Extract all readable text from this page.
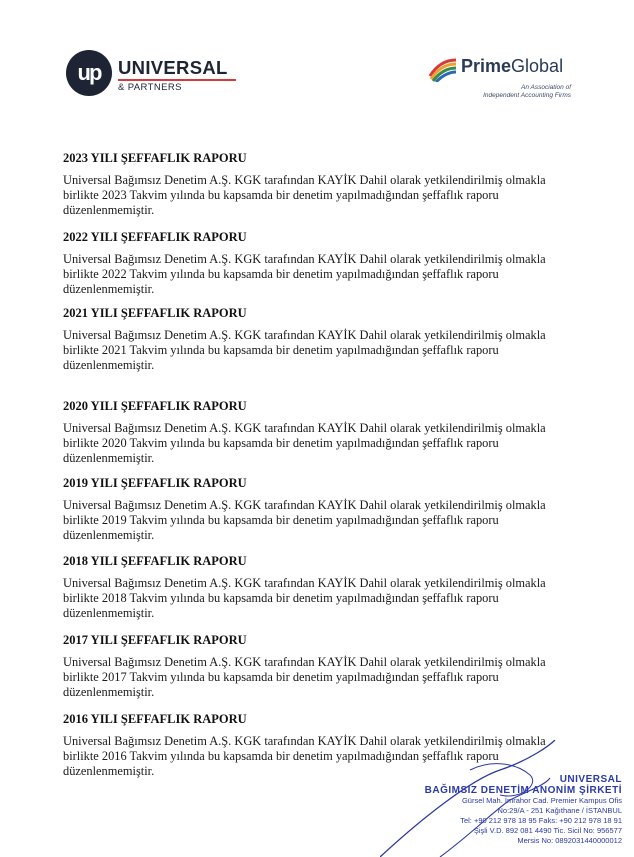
up UNIVERSAL
& PARTNERS
PrimeGlobal
An Association of
Independent Accounting Firms
2023 YILI ŞEFFAFLIK RAPORU

Universal Bağımsız Denetim A.Ş. KGK tarafından KAYİK Dahil olarak yetkilendirilmiş olmakla birlikte 2023 Takvim yılında bu kapsamda bir denetim yapılmadığından şeffaflık raporu düzenlenmemiştir.

2022 YILI ŞEFFAFLIK RAPORU

Universal Bağımsız Denetim A.Ş. KGK tarafından KAYİK Dahil olarak yetkilendirilmiş olmakla birlikte 2022 Takvim yılında bu kapsamda bir denetim yapılmadığından şeffaflık raporu düzenlenmemiştir.

2021 YILI ŞEFFAFLIK RAPORU

Universal Bağımsız Denetim A.Ş. KGK tarafından KAYİK Dahil olarak yetkilendirilmiş olmakla birlikte 2021 Takvim yılında bu kapsamda bir denetim yapılmadığından şeffaflık raporu düzenlenmemiştir.

2020 YILI ŞEFFAFLIK RAPORU

Universal Bağımsız Denetim A.Ş. KGK tarafından KAYİK Dahil olarak yetkilendirilmiş olmakla birlikte 2020 Takvim yılında bu kapsamda bir denetim yapılmadığından şeffaflık raporu düzenlenmemiştir.

2019 YILI ŞEFFAFLIK RAPORU

Universal Bağımsız Denetim A.Ş. KGK tarafından KAYİK Dahil olarak yetkilendirilmiş olmakla birlikte 2019 Takvim yılında bu kapsamda bir denetim yapılmadığından şeffaflık raporu düzenlenmemiştir.

2018 YILI ŞEFFAFLIK RAPORU

Universal Bağımsız Denetim A.Ş. KGK tarafından KAYİK Dahil olarak yetkilendirilmiş olmakla birlikte 2018 Takvim yılında bu kapsamda bir denetim yapılmadığından şeffaflık raporu düzenlenmemiştir.

2017 YILI ŞEFFAFLIK RAPORU

Universal Bağımsız Denetim A.Ş. KGK tarafından KAYİK Dahil olarak yetkilendirilmiş olmakla birlikte 2017 Takvim yılında bu kapsamda bir denetim yapılmadığından şeffaflık raporu düzenlenmemiştir.

2016 YILI ŞEFFAFLIK RAPORU

Universal Bağımsız Denetim A.Ş. KGK tarafından KAYİK Dahil olarak yetkilendirilmiş olmakla birlikte 2016 Takvim yılında bu kapsamda bir denetim yapılmadığından şeffaflık raporu düzenlenmemiştir.

UNIVERSAL
BAĞIMSIZ DENETİM ANONİM ŞİRKETİ
Gürsel Mah. İmrahor Cad. Premier Kampus Ofis
No:29/A - 251 Kağıthane / İSTANBUL
Tel: +90 212 978 18 95 Faks: +90 212 978 18 91
Şişli V.D. 892 081 4490 Tic. Sicil No: 956577
Mersis No: 0892031440000012
